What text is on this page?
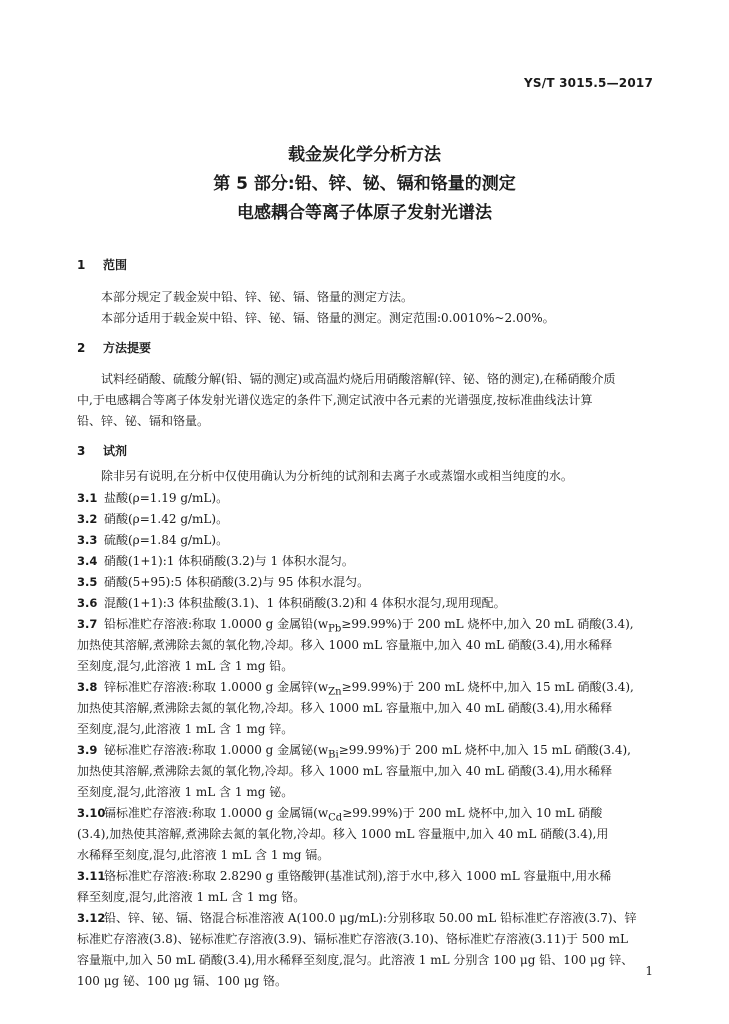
YS/T 3015.5—2017
载金炭化学分析方法
第 5 部分:铅、锌、铋、镉和铬量的测定
电感耦合等离子体原子发射光谱法
1 范围
本部分规定了载金炭中铅、锌、铋、镉、铬量的测定方法。
本部分适用于载金炭中铅、锌、铋、镉、铬量的测定。测定范围:0.0010%~2.00%。
2 方法提要
试料经硝酸、硫酸分解(铅、镉的测定)或高温灼烧后用硝酸溶解(锌、铋、铬的测定),在稀硝酸介质
中,于电感耦合等离子体发射光谱仪选定的条件下,测定试液中各元素的光谱强度,按标准曲线法计算
铅、锌、铋、镉和铬量。
3 试剂
除非另有说明,在分析中仅使用确认为分析纯的试剂和去离子水或蒸馏水或相当纯度的水。
3.1 盐酸(ρ=1.19 g/mL)。
3.2 硝酸(ρ=1.42 g/mL)。
3.3 硫酸(ρ=1.84 g/mL)。
3.4 硝酸(1+1):1 体积硝酸(3.2)与 1 体积水混匀。
3.5 硝酸(5+95):5 体积硝酸(3.2)与 95 体积水混匀。
3.6 混酸(1+1):3 体积盐酸(3.1)、1 体积硝酸(3.2)和 4 体积水混匀,现用现配。
3.7 铅标准贮存溶液:称取 1.0000 g 金属铅$(w_{Pb}\ge 99.99\%)$于 200 mL 烧杯中,加入 20 mL 硝酸(3.4),
加热使其溶解,煮沸除去氮的氧化物,冷却。移入 1000 mL 容量瓶中,加入 40 mL 硝酸(3.4),用水稀释
至刻度,混匀,此溶液 1 mL 含 1 mg 铅。
3.8 锌标准贮存溶液:称取 1.0000 g 金属锌$(w_{Zn}\ge 99.99\%)$于 200 mL 烧杯中,加入 15 mL 硝酸(3.4),
加热使其溶解,煮沸除去氮的氧化物,冷却。移入 1000 mL 容量瓶中,加入 40 mL 硝酸(3.4),用水稀释
至刻度,混匀,此溶液 1 mL 含 1 mg 锌。
3.9 铋标准贮存溶液:称取 1.0000 g 金属铋$(w_{Bi}\ge 99.99\%)$于 200 mL 烧杯中,加入 15 mL 硝酸(3.4),
加热使其溶解,煮沸除去氮的氧化物,冷却。移入 1000 mL 容量瓶中,加入 40 mL 硝酸(3.4),用水稀释
至刻度,混匀,此溶液 1 mL 含 1 mg 铋。
3.10镉标准贮存溶液:称取 1.0000 g 金属镉$(w_{Cd}\ge 99.99\%)$于 200 mL 烧杯中,加入 10 mL 硝酸
(3.4),加热使其溶解,煮沸除去氮的氧化物,冷却。移入 1000 mL 容量瓶中,加入 40 mL 硝酸(3.4),用
水稀释至刻度,混匀,此溶液 1 mL 含 1 mg 镉。
3.11铬标准贮存溶液:称取 2.8290 g 重铬酸钾(基准试剂),溶于水中,移入 1000 mL 容量瓶中,用水稀
释至刻度,混匀,此溶液 1 mL 含 1 mg 铬。
3.12铅、锌、铋、镉、铬混合标准溶液 A(100.0 μg/mL):分别移取 50.00 mL 铅标准贮存溶液(3.7)、锌
标准贮存溶液(3.8)、铋标准贮存溶液(3.9)、镉标准贮存溶液(3.10)、铬标准贮存溶液(3.11)于 500 mL
容量瓶中,加入 50 mL 硝酸(3.4),用水稀释至刻度,混匀。此溶液 1 mL 分别含 100 μg 铅、100 μg 锌、
100 μg 铋、100 μg 镉、100 μg 铬。
1
